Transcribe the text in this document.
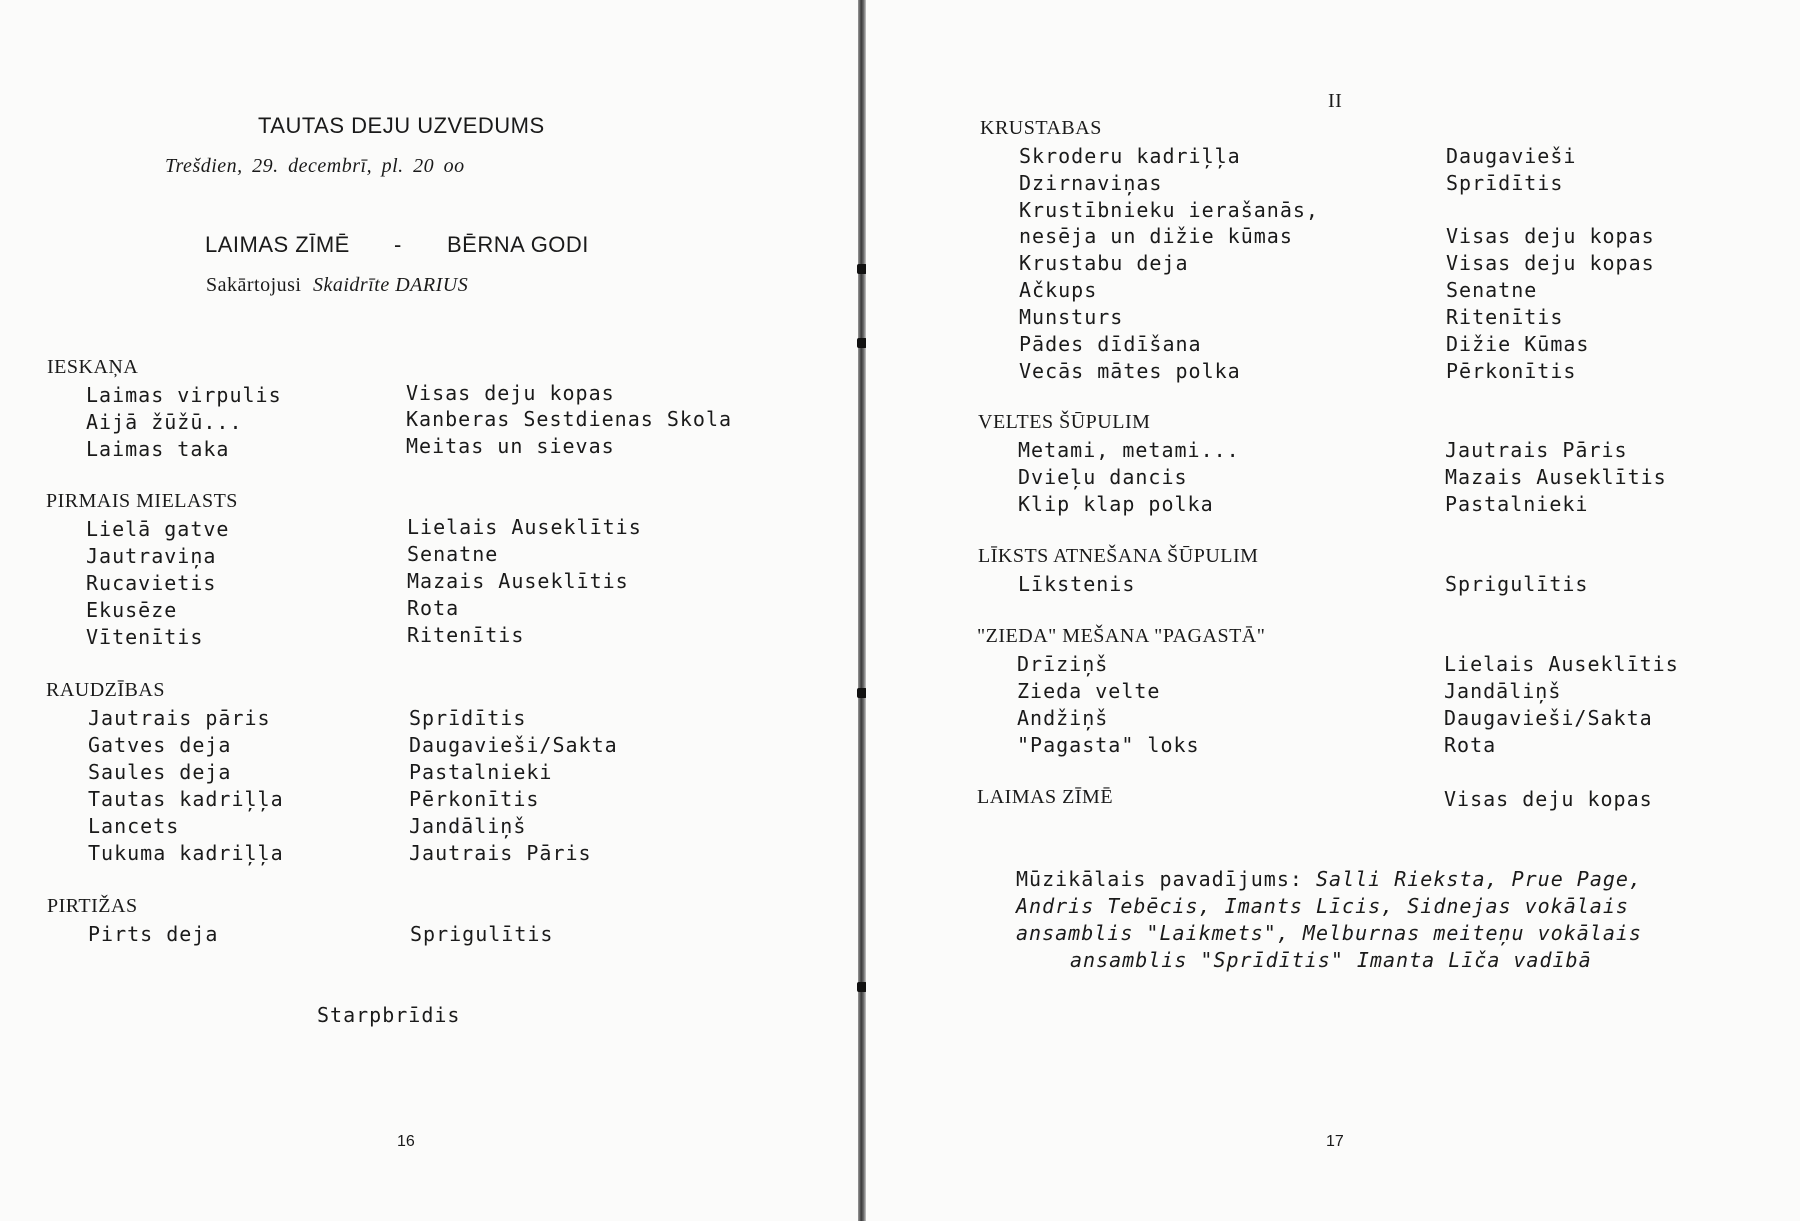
TAUTAS DEJU UZVEDUMS
Trešdien, 29. decembrī, pl. 20 oo
LAIMAS ZĪMĒ - BĒRNA GODI
Sakārtojusi Skaidrīte DARIUS
IESKAŅA
Laimas virpulis	Visas deju kopas
Aijā žūžū...	Kanberas Sestdienas Skola
Laimas taka	Meitas un sievas
PIRMAIS MIELASTS
Lielā gatve	Lielais Auseklītis
Jautraviņa	Senatne
Rucavietis	Mazais Auseklītis
Ekusēze	Rota
Vītenītis	Ritenītis
RAUDZĪBAS
Jautrais pāris	Sprīdītis
Gatves deja	Daugavieši/Sakta
Saules deja	Pastalnieki
Tautas kadriļļa	Pērkonītis
Lancets	Jandāliņš
Tukuma kadriļļa	Jautrais Pāris
PIRTIŽAS
Pirts deja	Sprigulītis
Starpbrīdis
16
II
KRUSTABAS
Skroderu kadriļļa	Daugavieši
Dzirnaviņas	Sprīdītis
Krustībnieku ierašanās,
nesēja un dižie kūmas	Visas deju kopas
Krustabu deja	Visas deju kopas
Ačkups	Senatne
Munsturs	Ritenītis
Pādes dīdīšana	Dižie Kūmas
Vecās mātes polka	Pērkonītis
VELTES ŠŪPULIM
Metami, metami...	Jautrais Pāris
Dvieļu dancis	Mazais Auseklītis
Klip klap polka	Pastalnieki
LĪKSTS ATNEŠANA ŠŪPULIM
Līkstenis	Sprigulītis
"ZIEDA" MEŠANA "PAGASTĀ"
Drīziņš	Lielais Auseklītis
Zieda velte	Jandāliņš
Andžiņš	Daugavieši/Sakta
"Pagasta" loks	Rota
LAIMAS ZĪMĒ	Visas deju kopas
Mūzikālais pavadījums: Salli Rieksta, Prue Page,
Andris Tebēcis, Imants Līcis, Sidnejas vokālais
ansamblis "Laikmets", Melburnas meiteņu vokālais
ansamblis "Sprīdītis" Imanta Līča vadībā
17
